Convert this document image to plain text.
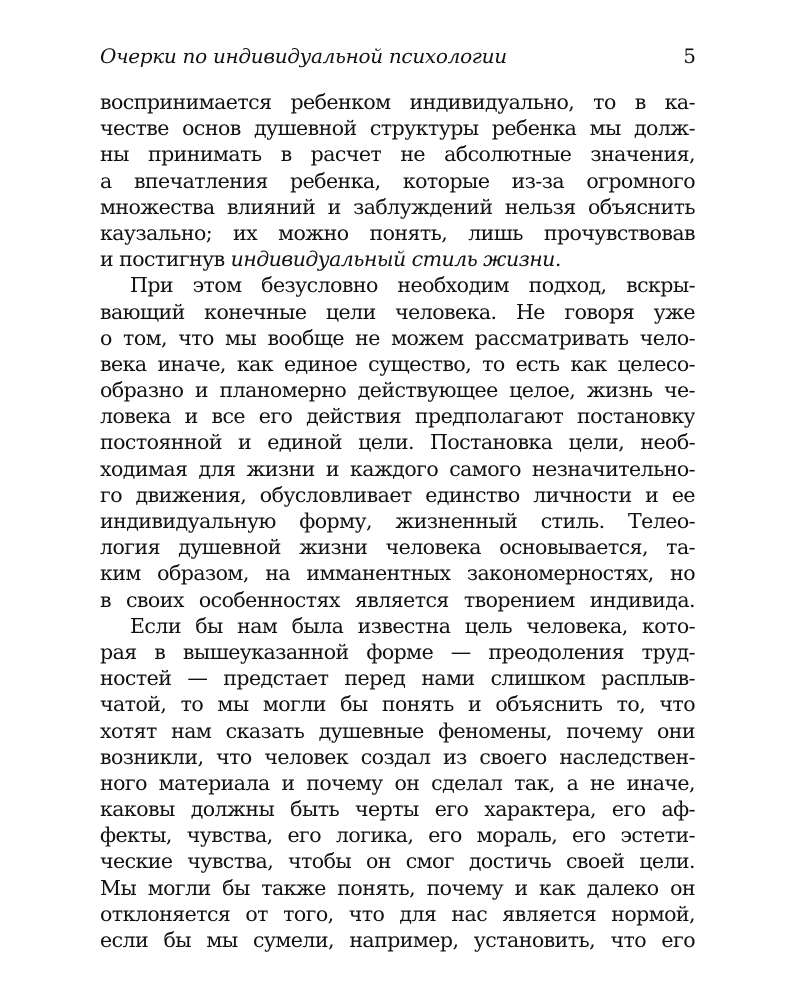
Очерки по индивидуальной психологии	5
воспринимается ребенком индивидуально, то в ка-
честве основ душевной структуры ребенка мы долж-
ны принимать в расчет не абсолютные значения,
а впечатления ребенка, которые из-за огромного
множества влияний и заблуждений нельзя объяснить
каузально; их можно понять, лишь прочувствовав
и постигнув индивидуальный стиль жизни.
При этом безусловно необходим подход, вскры-
вающий конечные цели человека. Не говоря уже
о том, что мы вообще не можем рассматривать чело-
века иначе, как единое существо, то есть как целесо-
образно и планомерно действующее целое, жизнь че-
ловека и все его действия предполагают постановку
постоянной и единой цели. Постановка цели, необ-
ходимая для жизни и каждого самого незначительно-
го движения, обусловливает единство личности и ее
индивидуальную форму, жизненный стиль. Телео-
логия душевной жизни человека основывается, та-
ким образом, на имманентных закономерностях, но
в своих особенностях является творением индивида.
Если бы нам была известна цель человека, кото-
рая в вышеуказанной форме — преодоления труд-
ностей — предстает перед нами слишком расплыв-
чатой, то мы могли бы понять и объяснить то, что
хотят нам сказать душевные феномены, почему они
возникли, что человек создал из своего наследствен-
ного материала и почему он сделал так, а не иначе,
каковы должны быть черты его характера, его аф-
фекты, чувства, его логика, его мораль, его эстети-
ческие чувства, чтобы он смог достичь своей цели.
Мы могли бы также понять, почему и как далеко он
отклоняется от того, что для нас является нормой,
если бы мы сумели, например, установить, что его
